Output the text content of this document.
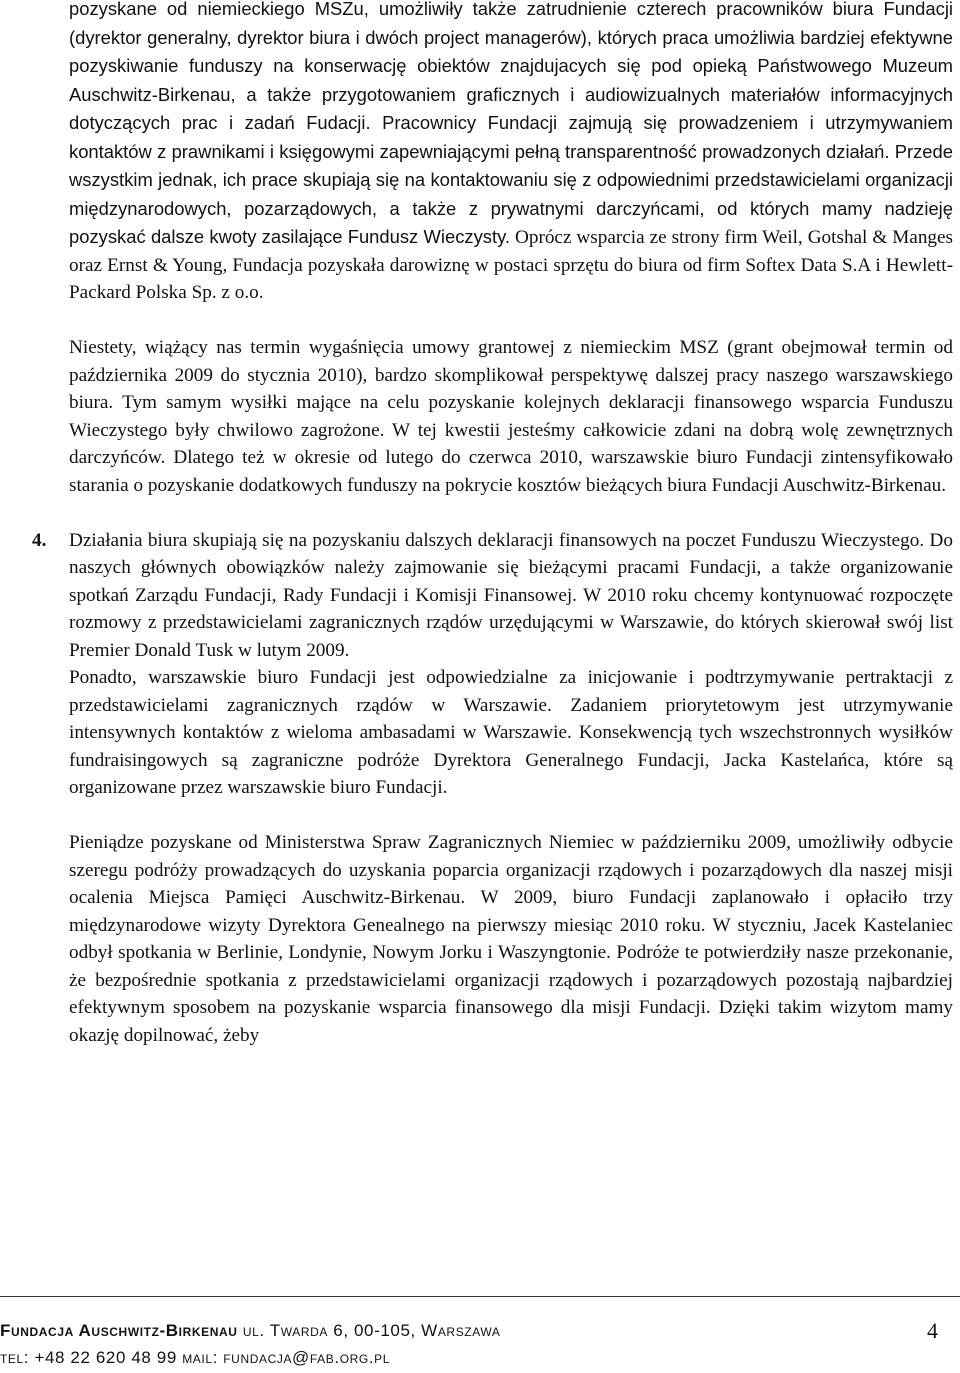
pozyskane od niemieckiego MSZu, umożliwiły także zatrudnienie czterech pracowników biura Fundacji (dyrektor generalny, dyrektor biura i dwóch project managerów), których praca umożliwia bardziej efektywne pozyskiwanie funduszy na konserwację obiektów znajdujacych się pod opieką Państwowego Muzeum Auschwitz-Birkenau, a także przygotowaniem graficznych i audiowizualnych materiałów informacyjnych dotyczących prac i zadań Fudacji. Pracownicy Fundacji zajmują się prowadzeniem i utrzymywaniem kontaktów z prawnikami i księgowymi zapewniającymi pełną transparentność prowadzonych działań. Przede wszystkim jednak, ich prace skupiają się na kontaktowaniu się z odpowiednimi przedstawicielami organizacji międzynarodowych, pozarządowych, a także z prywatnymi darczyńcami, od których mamy nadzieję pozyskać dalsze kwoty zasilające Fundusz Wieczysty. Oprócz wsparcia ze strony firm Weil, Gotshal & Manges oraz Ernst & Young, Fundacja pozyskała darowiznę w postaci sprzętu do biura od firm Softex Data S.A i Hewlett-Packard Polska Sp. z o.o.

Niestety, wiążący nas termin wygaśnięcia umowy grantowej z niemieckim MSZ (grant obejmował termin od października 2009 do stycznia 2010), bardzo skomplikował perspektywę dalszej pracy naszego warszawskiego biura. Tym samym wysiłki mające na celu pozyskanie kolejnych deklaracji finansowego wsparcia Funduszu Wieczystego były chwilowo zagrożone. W tej kwestii jesteśmy całkowicie zdani na dobrą wolę zewnętrznych darczyńców. Dlatego też w okresie od lutego do czerwca 2010, warszawskie biuro Fundacji zintensyfikowało starania o pozyskanie dodatkowych funduszy na pokrycie kosztów bieżących biura Fundacji Auschwitz-Birkenau.

4. Działania biura skupiają się na pozyskaniu dalszych deklaracji finansowych na poczet Funduszu Wieczystego. Do naszych głównych obowiązków należy zajmowanie się bieżącymi pracami Fundacji, a także organizowanie spotkań Zarządu Fundacji, Rady Fundacji i Komisji Finansowej. W 2010 roku chcemy kontynuować rozpoczęte rozmowy z przedstawicielami zagranicznych rządów urzędującymi w Warszawie, do których skierował swój list Premier Donald Tusk w lutym 2009.

Ponadto, warszawskie biuro Fundacji jest odpowiedzialne za inicjowanie i podtrzymywanie pertraktacji z przedstawicielami zagranicznych rządów w Warszawie. Zadaniem priorytetowym jest utrzymywanie intensywnych kontaktów z wieloma ambasadami w Warszawie. Konsekwencją tych wszechstronnych wysiłków fundraisingowych są zagraniczne podróże Dyrektora Generalnego Fundacji, Jacka Kastelańca, które są organizowane przez warszawskie biuro Fundacji.

Pieniądze pozyskane od Ministerstwa Spraw Zagranicznych Niemiec w październiku 2009, umożliwiły odbycie szeregu podróży prowadzących do uzyskania poparcia organizacji rządowych i pozarządowych dla naszej misji ocalenia Miejsca Pamięci Auschwitz-Birkenau. W 2009, biuro Fundacji zaplanowało i opłaciło trzy międzynarodowe wizyty Dyrektora Genealnego na pierwszy miesiąc 2010 roku. W styczniu, Jacek Kastelaniec odbył spotkania w Berlinie, Londynie, Nowym Jorku i Waszyngtonie. Podróże te potwierdziły nasze przekonanie, że bezpośrednie spotkania z przedstawicielami organizacji rządowych i pozarządowych pozostają najbardziej efektywnym sposobem na pozyskanie wsparcia finansowego dla misji Fundacji. Dzięki takim wizytom mamy okazję dopilnować, żeby

Fundacja Auschwitz-Birkenau ul. Twarda 6, 00-105, Warszawa
tel: +48 22 620 48 99 mail: fundacja@fab.org.pl
4
